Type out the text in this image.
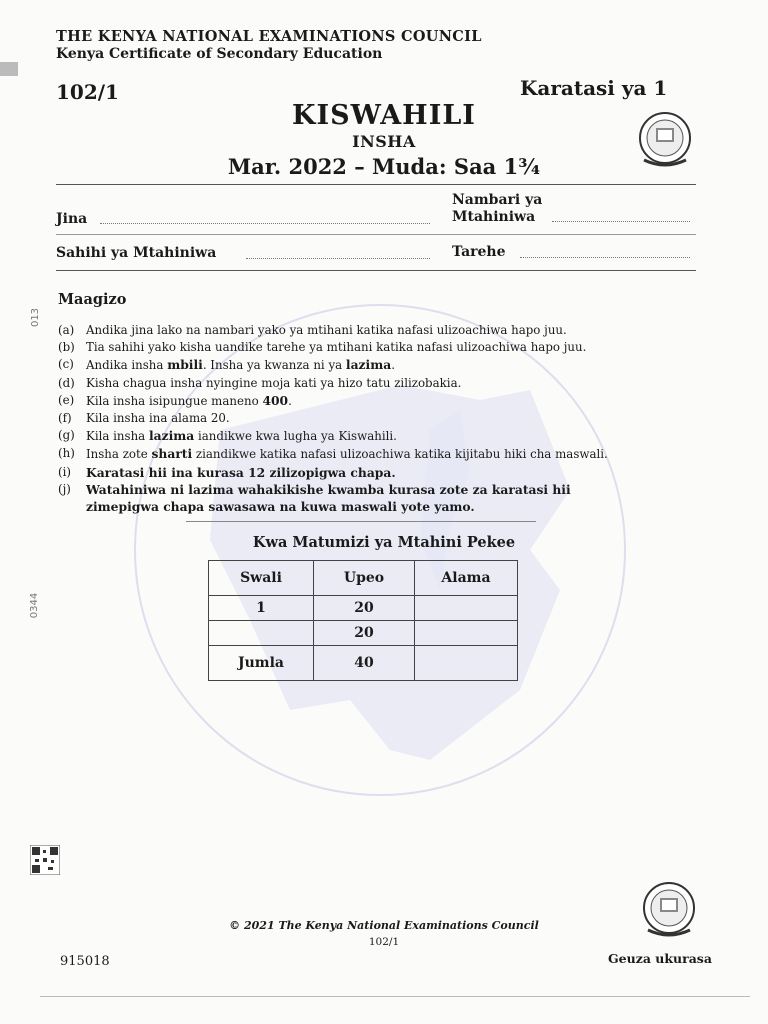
THE KENYA NATIONAL EXAMINATIONS COUNCIL
Kenya Certificate of Secondary Education
102/1	Karatasi ya 1
KISWAHILI
INSHA
Mar. 2022 – Muda: Saa 1¾
Jina
Nambari ya
Mtahiniwa
Sahihi ya Mtahiniwa	Tarehe
Maagizo
(a) Andika jina lako na nambari yako ya mtihani katika nafasi ulizoachiwa hapo juu.
(b) Tia sahihi yako kisha uandike tarehe ya mtihani katika nafasi ulizoachiwa hapo juu.
(c)	Andika insha mbili. Insha ya kwanza ni ya lazima.
(d) Kisha chagua insha nyingine moja kati ya hizo tatu zilizobakia.
(e)	Kila insha isipungue maneno 400.
(f)	Kila insha ina alama 20.
(g) Kila insha lazima iandikwe kwa lugha ya Kiswahili.
(h) Insha zote sharti ziandikwe katika nafasi ulizoachiwa katika kijitabu hiki cha maswali.
(i)	Karatasi hii ina kurasa 12 zilizopigwa chapa.
(j)	Watahiniwa ni lazima wahakikishe kwamba kurasa zote za karatasi hii zimepigwa chapa sawasawa na kuwa maswali yote yamo.
Kwa Matumizi ya Mtahini Pekee
Swali	Upeo	Alama
1	20	
	20	
Jumla	40	
013
0344
© 2021 The Kenya National Examinations Council
102/1
915018	Geuza ukurasa
